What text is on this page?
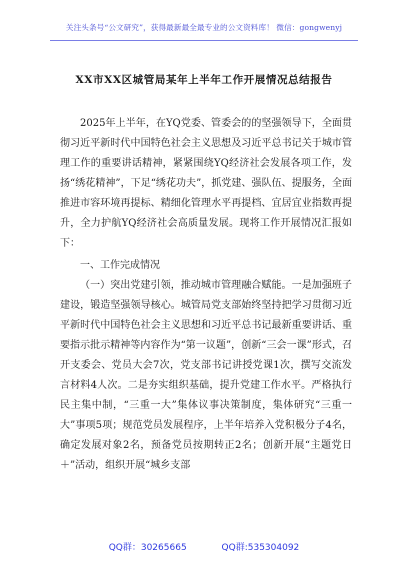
关注头条号“公文研究”，获得最新最全最专业的公文资料库！ 微信：gongwenyj
XX市XX区城管局某年上半年工作开展情况总结报告

2025年上半年，在YQ党委、管委会的的坚强领导下，全面贯彻习近平新时代中国特色社会主义思想及习近平总书记关于城市管理工作的重要讲话精神，紧紧围绕YQ经济社会发展各项工作，发扬“绣花精神”，下足“绣花功夫”，抓党建、强队伍、提服务，全面推进市容环境再提标、精细化管理水平再提档、宜居宜业指数再提升，全力护航YQ经济社会高质量发展。现将工作开展情况汇报如下：

一、工作完成情况

（一）突出党建引领，推动城市管理融合赋能。一是加强班子建设，锻造坚强领导核心。城管局党支部始终坚持把学习贯彻习近平新时代中国特色社会主义思想和习近平总书记最新重要讲话、重要指示批示精神等内容作为“第一议题”，创新“三会一课”形式，召开支委会、党员大会7次，党支部书记讲授党课1次，撰写交流发言材料4人次。二是夯实组织基础，提升党建工作水平。严格执行民主集中制，“三重一大”集体议事决策制度，集体研究“三重一大”事项5项；规范党员发展程序，上半年培养入党积极分子4名，确定发展对象2名，预备党员按期转正2名；创新开展“主题党日＋”活动，组织开展“城乡支部

QQ群：30265665	QQ群:535304092
